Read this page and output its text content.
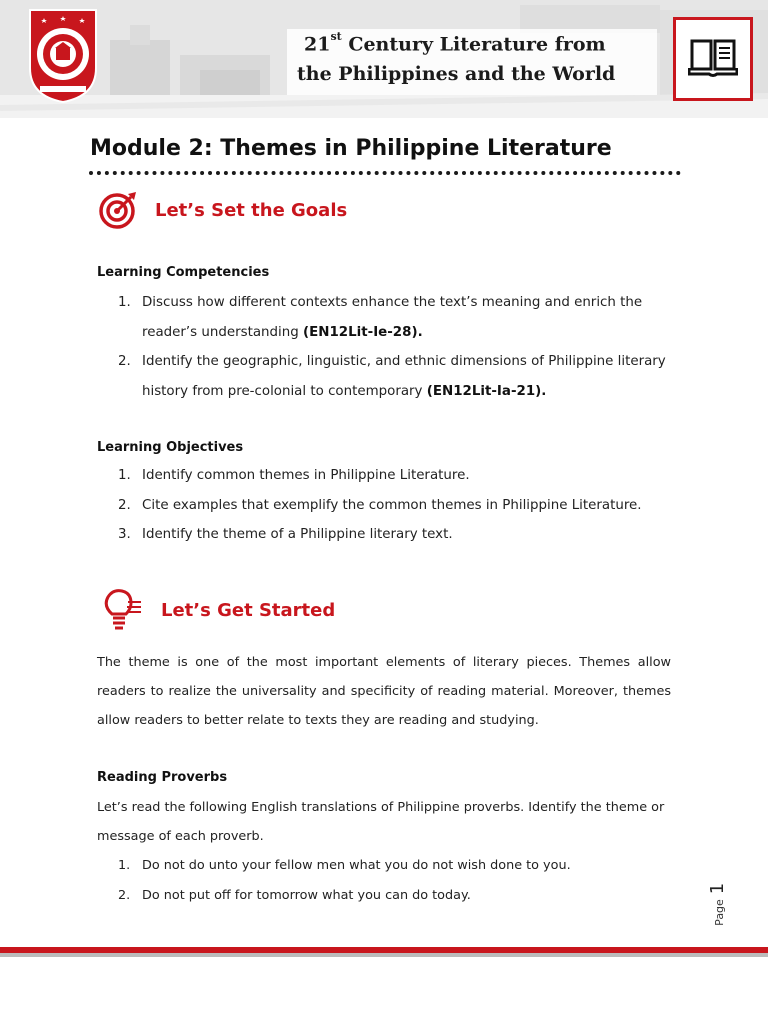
21st Century Literature from
the Philippines and the World
Module 2: Themes in Philippine Literature
Let’s Set the Goals
Learning Competencies
1. Discuss how different contexts enhance the text’s meaning and enrich the reader’s understanding (EN12Lit-Ie-28).
2. Identify the geographic, linguistic, and ethnic dimensions of Philippine literary history from pre-colonial to contemporary (EN12Lit-Ia-21).
Learning Objectives
1. Identify common themes in Philippine Literature.
2. Cite examples that exemplify the common themes in Philippine Literature.
3. Identify the theme of a Philippine literary text.
Let’s Get Started
The theme is one of the most important elements of literary pieces. Themes allow readers to realize the universality and specificity of reading material. Moreover, themes allow readers to better relate to texts they are reading and studying.
Reading Proverbs
Let’s read the following English translations of Philippine proverbs. Identify the theme or message of each proverb.
1. Do not do unto your fellow men what you do not wish done to you.
2. Do not put off for tomorrow what you can do today.
Page
1
